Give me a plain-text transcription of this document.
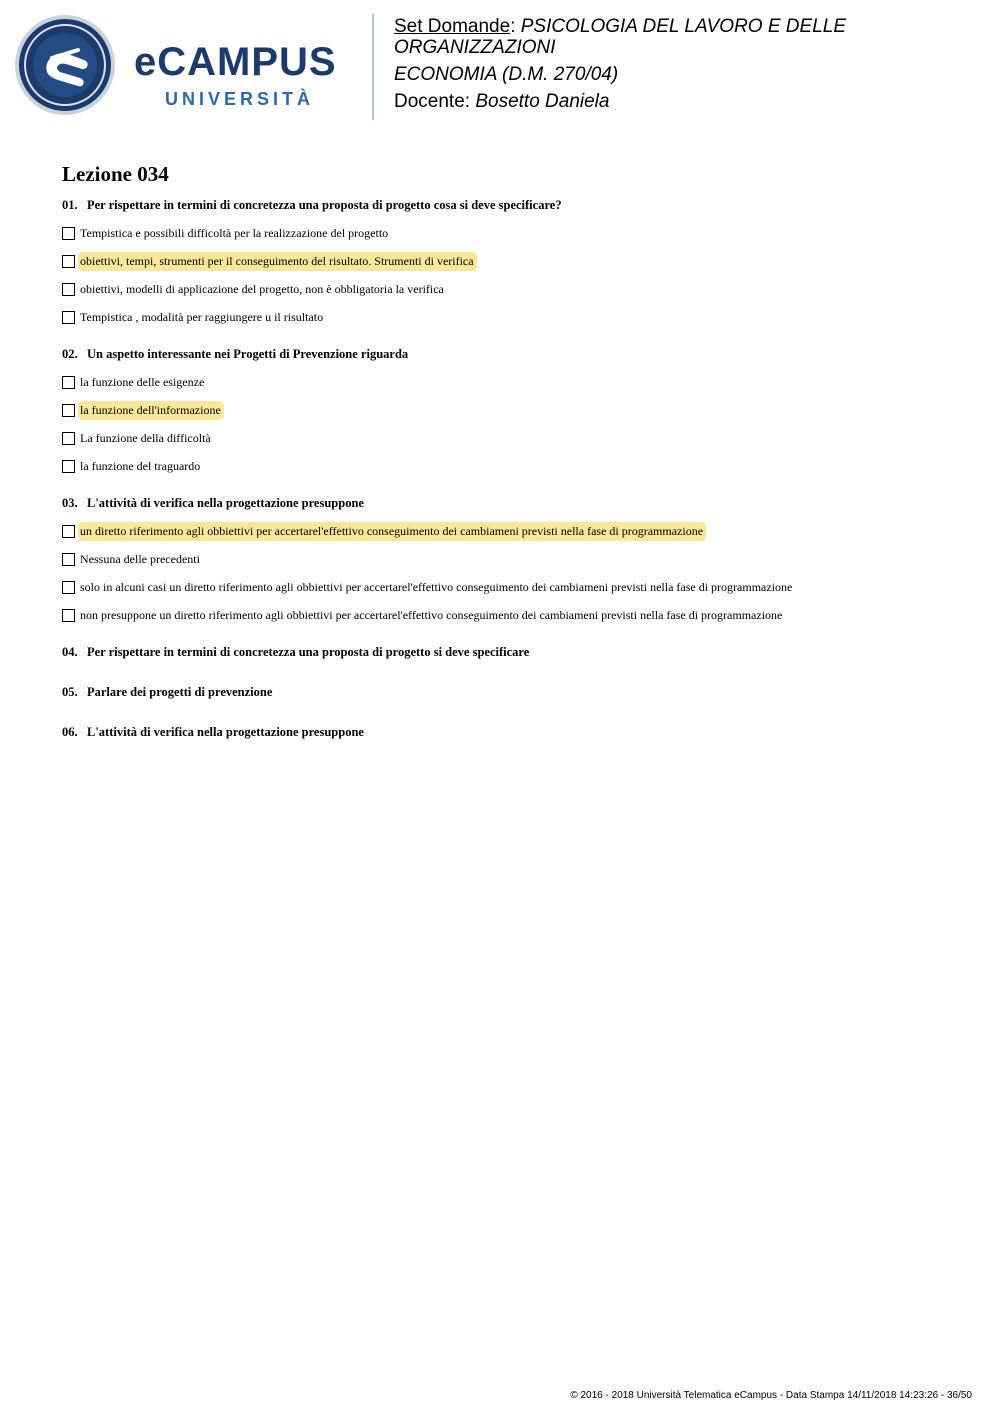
eCAMPUS
UNIVERSITÀ
Set Domande: PSICOLOGIA DEL LAVORO E DELLE ORGANIZZAZIONI
ECONOMIA (D.M. 270/04)
Docente: Bosetto Daniela
Lezione 034
01. Per rispettare in termini di concretezza una proposta di progetto cosa si deve specificare?
Tempistica e possibili difficoltà per la realizzazione del progetto
obiettivi, tempi, strumenti per il conseguimento del risultato. Strumenti di verifica
obiettivi, modelli di applicazione del progetto, non è obbligatoria la verifica
Tempistica , modalità per raggiungere u il risultato
02. Un aspetto interessante nei Progetti di Prevenzione riguarda
la funzione delle esigenze
la funzione dell'informazione
La funzione della difficoltà
la funzione del traguardo
03. L'attività di verifica nella progettazione presuppone
un diretto riferimento agli obbiettivi per accertarel'effettivo conseguimento dei cambiameni previsti nella fase di programmazione
Nessuna delle precedenti
solo in alcuni casi un diretto riferimento agli obbiettivi per accertarel'effettivo conseguimento dei cambiameni previsti nella fase di programmazione
non presuppone un diretto riferimento agli obbiettivi per accertarel'effettivo conseguimento dei cambiameni previsti nella fase di programmazione
04. Per rispettare in termini di concretezza una proposta di progetto si deve specificare
05. Parlare dei progetti di prevenzione
06. L'attività di verifica nella progettazione presuppone
© 2016 - 2018 Università Telematica eCampus - Data Stampa 14/11/2018 14:23:26 - 36/50
